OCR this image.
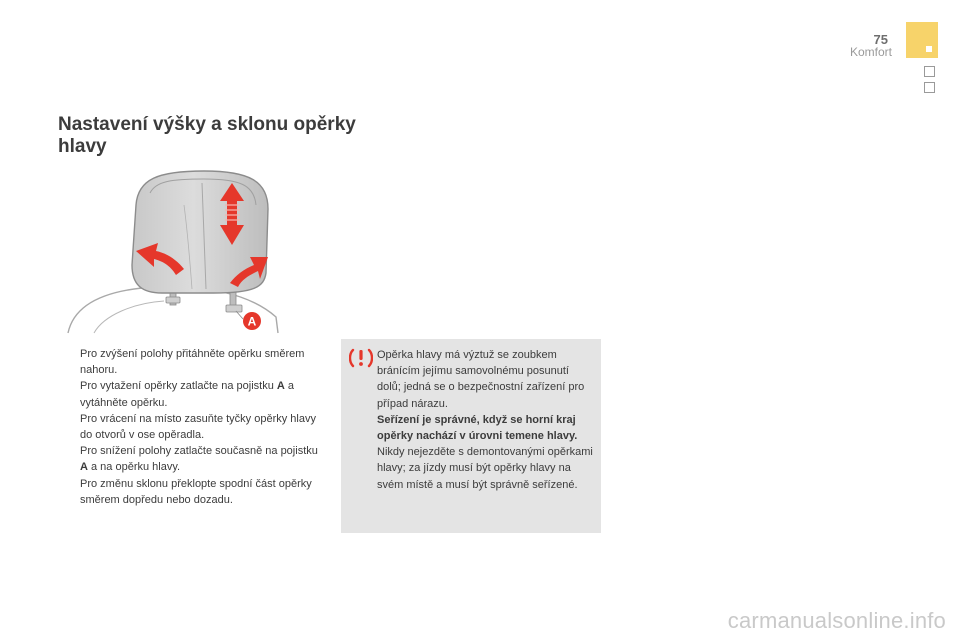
75
Komfort
Nastavení výšky a sklonu opěrky hlavy
A
Pro zvýšení polohy přitáhněte opěrku směrem nahoru.
Pro vytažení opěrky zatlačte na pojistku A a vytáhněte opěrku.
Pro vrácení na místo zasuňte tyčky opěrky hlavy do otvorů v ose opěradla.
Pro snížení polohy zatlačte současně na pojistku A a na opěrku hlavy.
Pro změnu sklonu překlopte spodní část opěrky směrem dopředu nebo dozadu.
Opěrka hlavy má výztuž se zoubkem bránícím jejímu samovolnému posunutí dolů; jedná se o bezpečnostní zařízení pro případ nárazu.
Seřízení je správné, když se horní kraj opěrky nachází v úrovni temene hlavy.
Nikdy nejezděte s demontovanými opěrkami hlavy; za jízdy musí být opěrky hlavy na svém místě a musí být správně seřízené.
carmanualsonline.info
